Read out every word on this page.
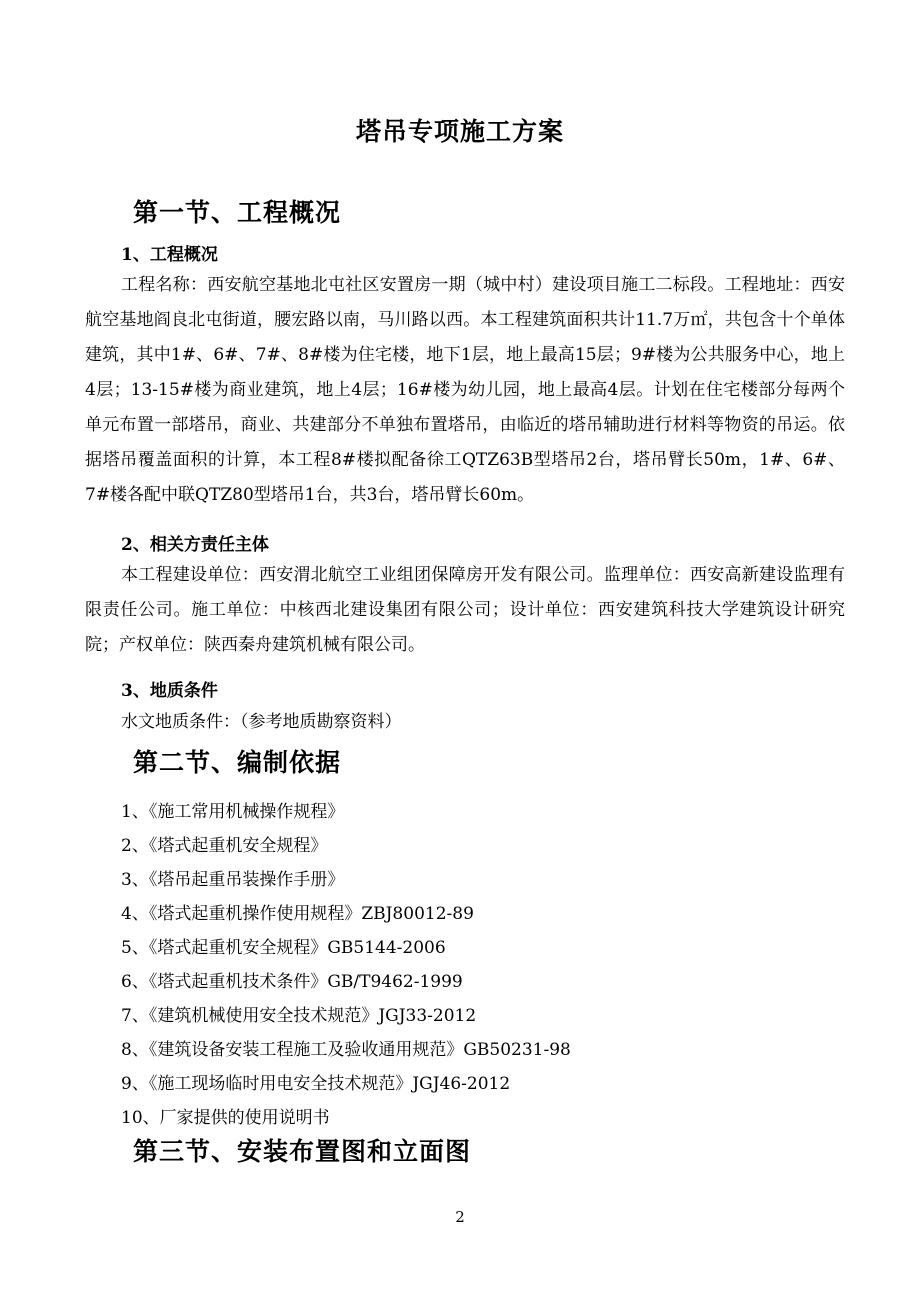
塔吊专项施工方案
第一节、工程概况
1、工程概况

工程名称：西安航空基地北屯社区安置房一期（城中村）建设项目施工二标段。工程地址：西安航空基地阎良北屯街道，腰宏路以南，马川路以西。本工程建筑面积共计11.7万㎡，共包含十个单体建筑，其中1#、6#、7#、8#楼为住宅楼，地下1层，地上最高15层；9#楼为公共服务中心，地上4层；13-15#楼为商业建筑，地上4层；16#楼为幼儿园，地上最高4层。计划在住宅楼部分每两个单元布置一部塔吊，商业、共建部分不单独布置塔吊，由临近的塔吊辅助进行材料等物资的吊运。依据塔吊覆盖面积的计算，本工程8#楼拟配备徐工QTZ63B型塔吊2台，塔吊臂长50m，1#、6#、7#楼各配中联QTZ80型塔吊1台，共3台，塔吊臂长60m。

2、相关方责任主体

本工程建设单位：西安渭北航空工业组团保障房开发有限公司。监理单位：西安高新建设监理有限责任公司。施工单位：中核西北建设集团有限公司；设计单位：西安建筑科技大学建筑设计研究院；产权单位：陕西秦舟建筑机械有限公司。

3、地质条件

水文地质条件：（参考地质勘察资料）

第二节、编制依据
1、《施工常用机械操作规程》
2、《塔式起重机安全规程》
3、《塔吊起重吊装操作手册》
4、《塔式起重机操作使用规程》ZBJ80012-89
5、《塔式起重机安全规程》GB5144-2006
6、《塔式起重机技术条件》GB/T9462-1999
7、《建筑机械使用安全技术规范》JGJ33-2012
8、《建筑设备安装工程施工及验收通用规范》GB50231-98
9、《施工现场临时用电安全技术规范》JGJ46-2012
10、厂家提供的使用说明书
第三节、安装布置图和立面图
2
